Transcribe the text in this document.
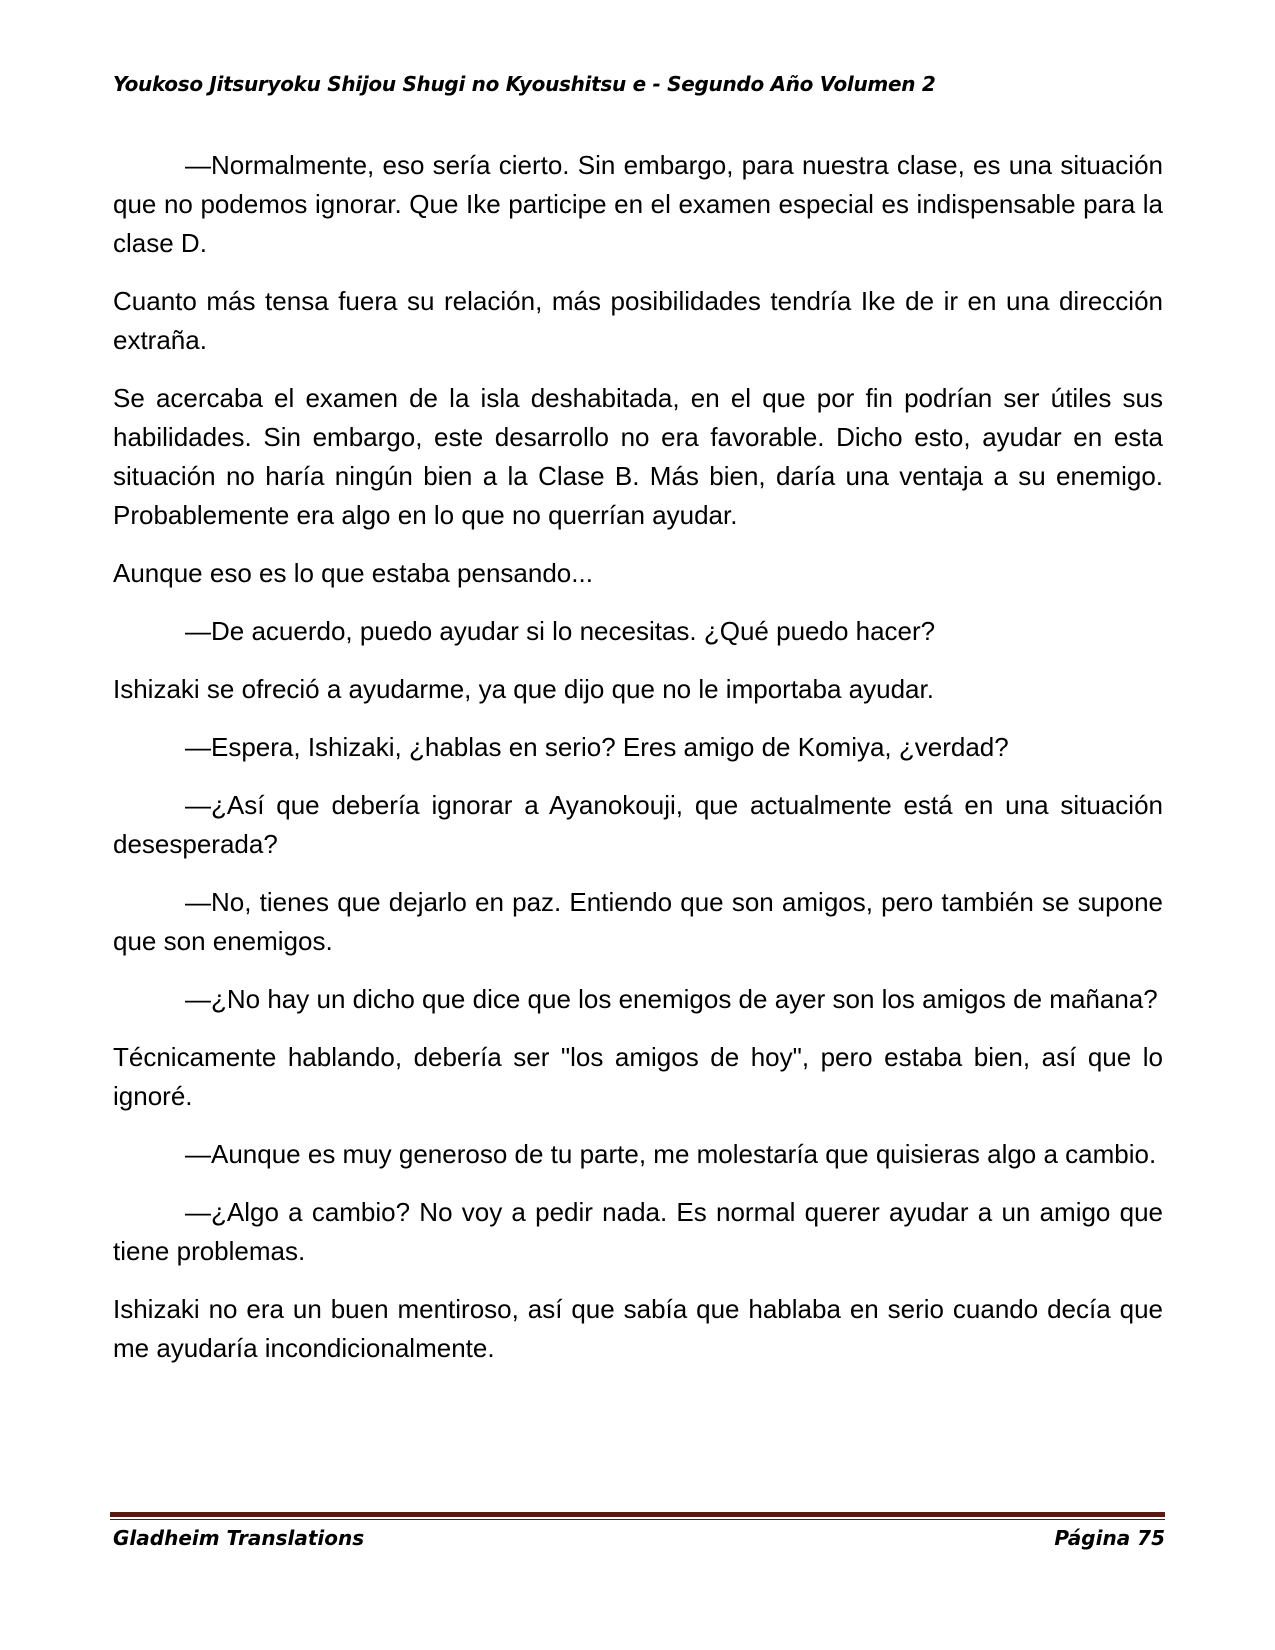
Youkoso Jitsuryoku Shijou Shugi no Kyoushitsu e - Segundo Año Volumen 2

—Normalmente, eso sería cierto. Sin embargo, para nuestra clase, es una situación que no podemos ignorar. Que Ike participe en el examen especial es indispensable para la clase D.

Cuanto más tensa fuera su relación, más posibilidades tendría Ike de ir en una dirección extraña.

Se acercaba el examen de la isla deshabitada, en el que por fin podrían ser útiles sus habilidades. Sin embargo, este desarrollo no era favorable. Dicho esto, ayudar en esta situación no haría ningún bien a la Clase B. Más bien, daría una ventaja a su enemigo. Probablemente era algo en lo que no querrían ayudar.

Aunque eso es lo que estaba pensando...

—De acuerdo, puedo ayudar si lo necesitas. ¿Qué puedo hacer?

Ishizaki se ofreció a ayudarme, ya que dijo que no le importaba ayudar.

—Espera, Ishizaki, ¿hablas en serio? Eres amigo de Komiya, ¿verdad?

—¿Así que debería ignorar a Ayanokouji, que actualmente está en una situación desesperada?

—No, tienes que dejarlo en paz. Entiendo que son amigos, pero también se supone que son enemigos.

—¿No hay un dicho que dice que los enemigos de ayer son los amigos de mañana?

Técnicamente hablando, debería ser "los amigos de hoy", pero estaba bien, así que lo ignoré.

—Aunque es muy generoso de tu parte, me molestaría que quisieras algo a cambio.

—¿Algo a cambio? No voy a pedir nada. Es normal querer ayudar a un amigo que tiene problemas.

Ishizaki no era un buen mentiroso, así que sabía que hablaba en serio cuando decía que me ayudaría incondicionalmente.

Gladheim Translations	Página 75
